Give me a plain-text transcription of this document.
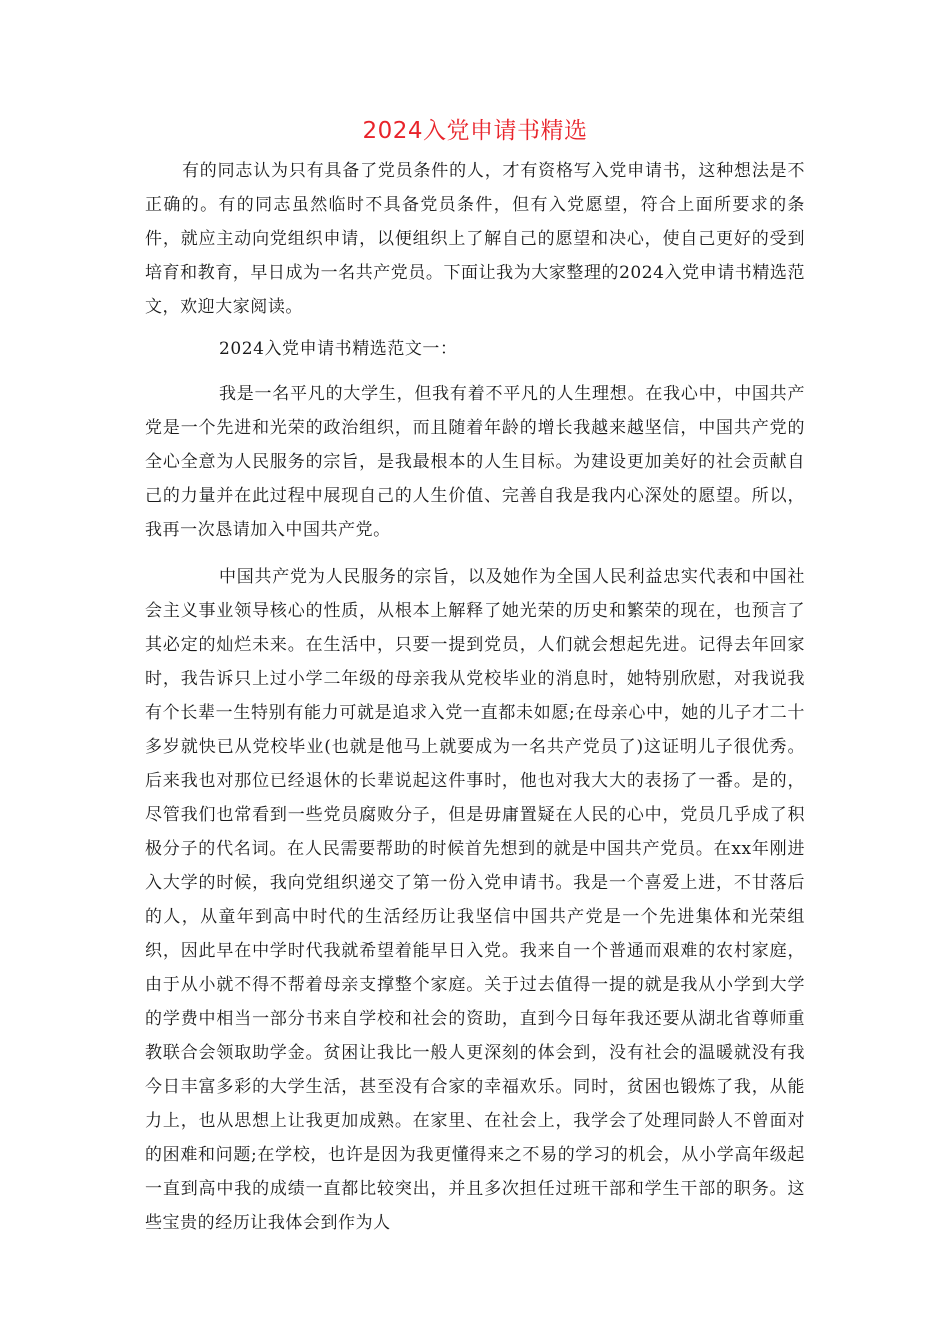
2024入党申请书精选

有的同志认为只有具备了党员条件的人，才有资格写入党申请书，这种想法是不正确的。有的同志虽然临时不具备党员条件，但有入党愿望，符合上面所要求的条件，就应主动向党组织申请，以便组织上了解自己的愿望和决心，使自己更好的受到培育和教育，早日成为一名共产党员。下面让我为大家整理的2024入党申请书精选范文，欢迎大家阅读。

2024入党申请书精选范文一：

我是一名平凡的大学生，但我有着不平凡的人生理想。在我心中，中国共产党是一个先进和光荣的政治组织，而且随着年龄的增长我越来越坚信，中国共产党的全心全意为人民服务的宗旨，是我最根本的人生目标。为建设更加美好的社会贡献自己的力量并在此过程中展现自己的人生价值、完善自我是我内心深处的愿望。所以，我再一次恳请加入中国共产党。

中国共产党为人民服务的宗旨，以及她作为全国人民利益忠实代表和中国社会主义事业领导核心的性质，从根本上解释了她光荣的历史和繁荣的现在，也预言了其必定的灿烂未来。在生活中，只要一提到党员，人们就会想起先进。记得去年回家时，我告诉只上过小学二年级的母亲我从党校毕业的消息时，她特别欣慰，对我说我有个长辈一生特别有能力可就是追求入党一直都未如愿;在母亲心中，她的儿子才二十多岁就快已从党校毕业(也就是他马上就要成为一名共产党员了)这证明儿子很优秀。后来我也对那位已经退休的长辈说起这件事时，他也对我大大的表扬了一番。是的，尽管我们也常看到一些党员腐败分子，但是毋庸置疑在人民的心中，党员几乎成了积极分子的代名词。在人民需要帮助的时候首先想到的就是中国共产党员。在xx年刚进入大学的时候，我向党组织递交了第一份入党申请书。我是一个喜爱上进，不甘落后的人，从童年到高中时代的生活经历让我坚信中国共产党是一个先进集体和光荣组织，因此早在中学时代我就希望着能早日入党。我来自一个普通而艰难的农村家庭，由于从小就不得不帮着母亲支撑整个家庭。关于过去值得一提的就是我从小学到大学的学费中相当一部分书来自学校和社会的资助，直到今日每年我还要从湖北省尊师重教联合会领取助学金。贫困让我比一般人更深刻的体会到，没有社会的温暖就没有我今日丰富多彩的大学生活，甚至没有合家的幸福欢乐。同时，贫困也锻炼了我，从能力上，也从思想上让我更加成熟。在家里、在社会上，我学会了处理同龄人不曾面对的困难和问题;在学校，也许是因为我更懂得来之不易的学习的机会，从小学高年级起一直到高中我的成绩一直都比较突出，并且多次担任过班干部和学生干部的职务。这些宝贵的经历让我体会到作为人
